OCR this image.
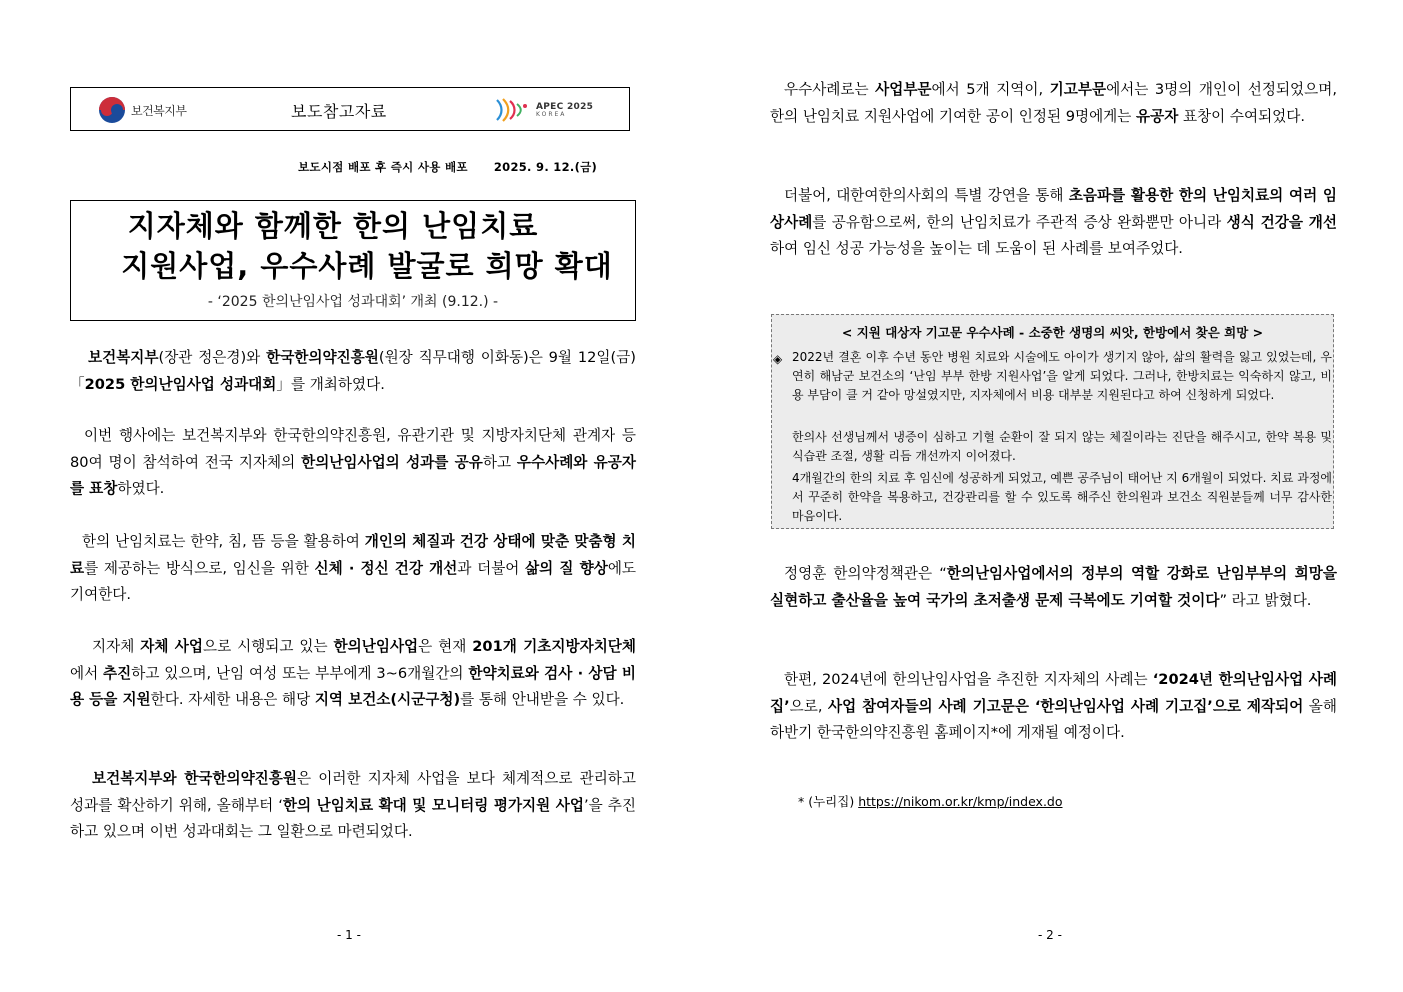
보건복지부	보도참고자료	APEC 2025
KOREA
보도시점 배포 후 즉시 사용 배포 2025. 9. 12.(금)
지자체와 함께한 한의 난임치료
지원사업, 우수사례 발굴로 희망 확대
- ‘2025 한의난임사업 성과대회’ 개최 (9.12.) -
보건복지부(장관 정은경)와 한국한의약진흥원(원장 직무대행 이화동)은 9월 12일(금) 「2025 한의난임사업 성과대회」를 개최하였다.
이번 행사에는 보건복지부와 한국한의약진흥원, 유관기관 및 지방자치단체 관계자 등 80여 명이 참석하여 전국 지자체의 한의난임사업의 성과를 공유하고 우수사례와 유공자를 표창하였다.
한의 난임치료는 한약, 침, 뜸 등을 활용하여 개인의 체질과 건강 상태에 맞춘 맞춤형 치료를 제공하는 방식으로, 임신을 위한 신체 · 정신 건강 개선과 더불어 삶의 질 향상에도 기여한다.
지자체 자체 사업으로 시행되고 있는 한의난임사업은 현재 201개 기초지방자치단체에서 추진하고 있으며, 난임 여성 또는 부부에게 3~6개월간의 한약치료와 검사 · 상담 비용 등을 지원한다. 자세한 내용은 해당 지역 보건소(시군구청)를 통해 안내받을 수 있다.
보건복지부와 한국한의약진흥원은 이러한 지자체 사업을 보다 체계적으로 관리하고 성과를 확산하기 위해, 올해부터 ‘한의 난임치료 확대 및 모니터링 평가지원 사업’을 추진하고 있으며 이번 성과대회는 그 일환으로 마련되었다.
- 1 -
우수사례로는 사업부문에서 5개 지역이, 기고부문에서는 3명의 개인이 선정되었으며, 한의 난임치료 지원사업에 기여한 공이 인정된 9명에게는 유공자 표창이 수여되었다.
더불어, 대한여한의사회의 특별 강연을 통해 초음파를 활용한 한의 난임치료의 여러 임상사례를 공유함으로써, 한의 난임치료가 주관적 증상 완화뿐만 아니라 생식 건강을 개선하여 임신 성공 가능성을 높이는 데 도움이 된 사례를 보여주었다.
< 지원 대상자 기고문 우수사례 - 소중한 생명의 씨앗, 한방에서 찾은 희망 >
◈ 2022년 결혼 이후 수년 동안 병원 치료와 시술에도 아이가 생기지 않아, 삶의 활력을 잃고 있었는데, 우연히 해남군 보건소의 ‘난임 부부 한방 지원사업’을 알게 되었다. 그러나, 한방치료는 익숙하지 않고, 비용 부담이 클 거 같아 망설였지만, 지자체에서 비용 대부분 지원된다고 하여 신청하게 되었다.
한의사 선생님께서 냉증이 심하고 기혈 순환이 잘 되지 않는 체질이라는 진단을 해주시고, 한약 복용 및 식습관 조절, 생활 리듬 개선까지 이어졌다.
4개월간의 한의 치료 후 임신에 성공하게 되었고, 예쁜 공주님이 태어난 지 6개월이 되었다. 치료 과정에서 꾸준히 한약을 복용하고, 건강관리를 할 수 있도록 해주신 한의원과 보건소 직원분들께 너무 감사한 마음이다.
정영훈 한의약정책관은 “한의난임사업에서의 정부의 역할 강화로 난임부부의 희망을 실현하고 출산율을 높여 국가의 초저출생 문제 극복에도 기여할 것이다” 라고 밝혔다.
한편, 2024년에 한의난임사업을 추진한 지자체의 사례는 ‘2024년 한의난임사업 사례집’으로, 사업 참여자들의 사례 기고문은 ‘한의난임사업 사례 기고집’으로 제작되어 올해 하반기 한국한의약진흥원 홈페이지*에 게재될 예정이다.
* (누리집) https://nikom.or.kr/kmp/index.do
- 2 -
